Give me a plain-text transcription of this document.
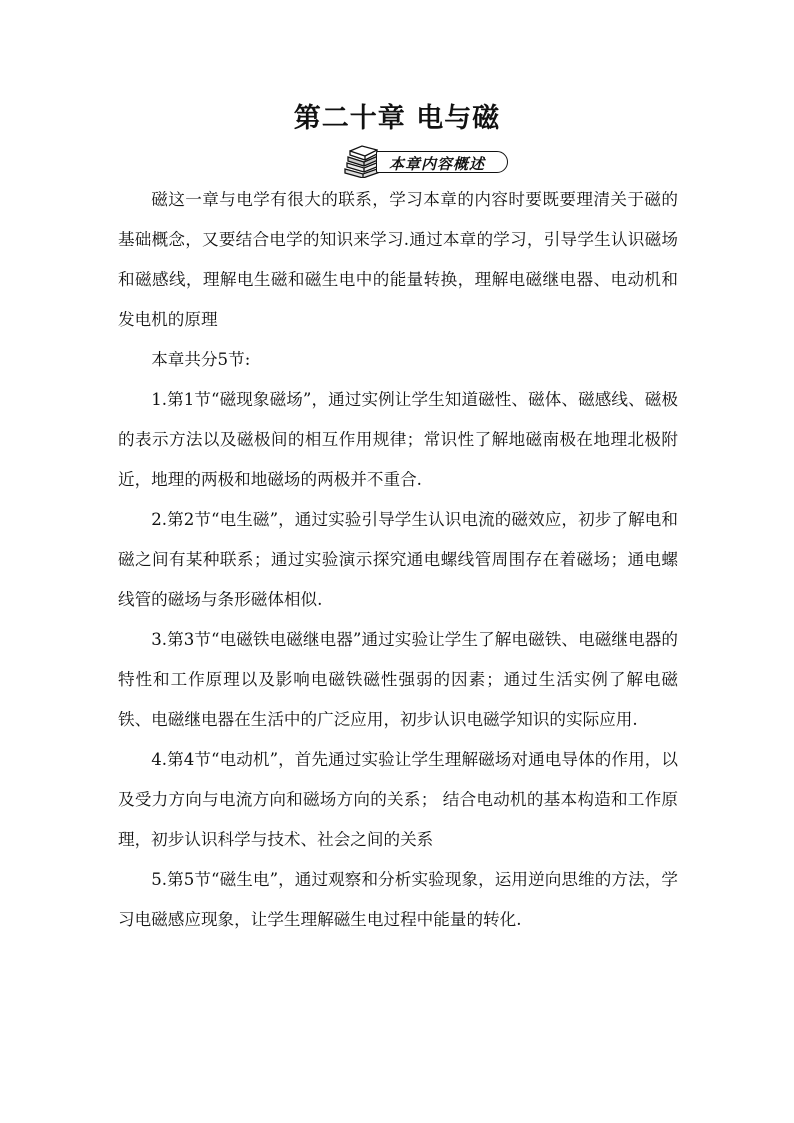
第二十章 电与磁
本章内容概述

磁这一章与电学有很大的联系，学习本章的内容时要既要理清关于磁的基础概念，又要结合电学的知识来学习.通过本章的学习，引导学生认识磁场和磁感线，理解电生磁和磁生电中的能量转换，理解电磁继电器、电动机和发电机的原理

本章共分5节:

1.第1节“磁现象磁场”，通过实例让学生知道磁性、磁体、磁感线、磁极的表示方法以及磁极间的相互作用规律；常识性了解地磁南极在地理北极附近，地理的两极和地磁场的两极并不重合.

2.第2节“电生磁”，通过实验引导学生认识电流的磁效应，初步了解电和磁之间有某种联系；通过实验演示探究通电螺线管周围存在着磁场；通电螺线管的磁场与条形磁体相似.

3.第3节“电磁铁电磁继电器”通过实验让学生了解电磁铁、电磁继电器的特性和工作原理以及影响电磁铁磁性强弱的因素；通过生活实例了解电磁铁、电磁继电器在生活中的广泛应用，初步认识电磁学知识的实际应用.

4.第4节“电动机”，首先通过实验让学生理解磁场对通电导体的作用，以及受力方向与电流方向和磁场方向的关系； 结合电动机的基本构造和工作原理，初步认识科学与技术、社会之间的关系

5.第5节“磁生电”，通过观察和分析实验现象，运用逆向思维的方法，学习电磁感应现象，让学生理解磁生电过程中能量的转化.
